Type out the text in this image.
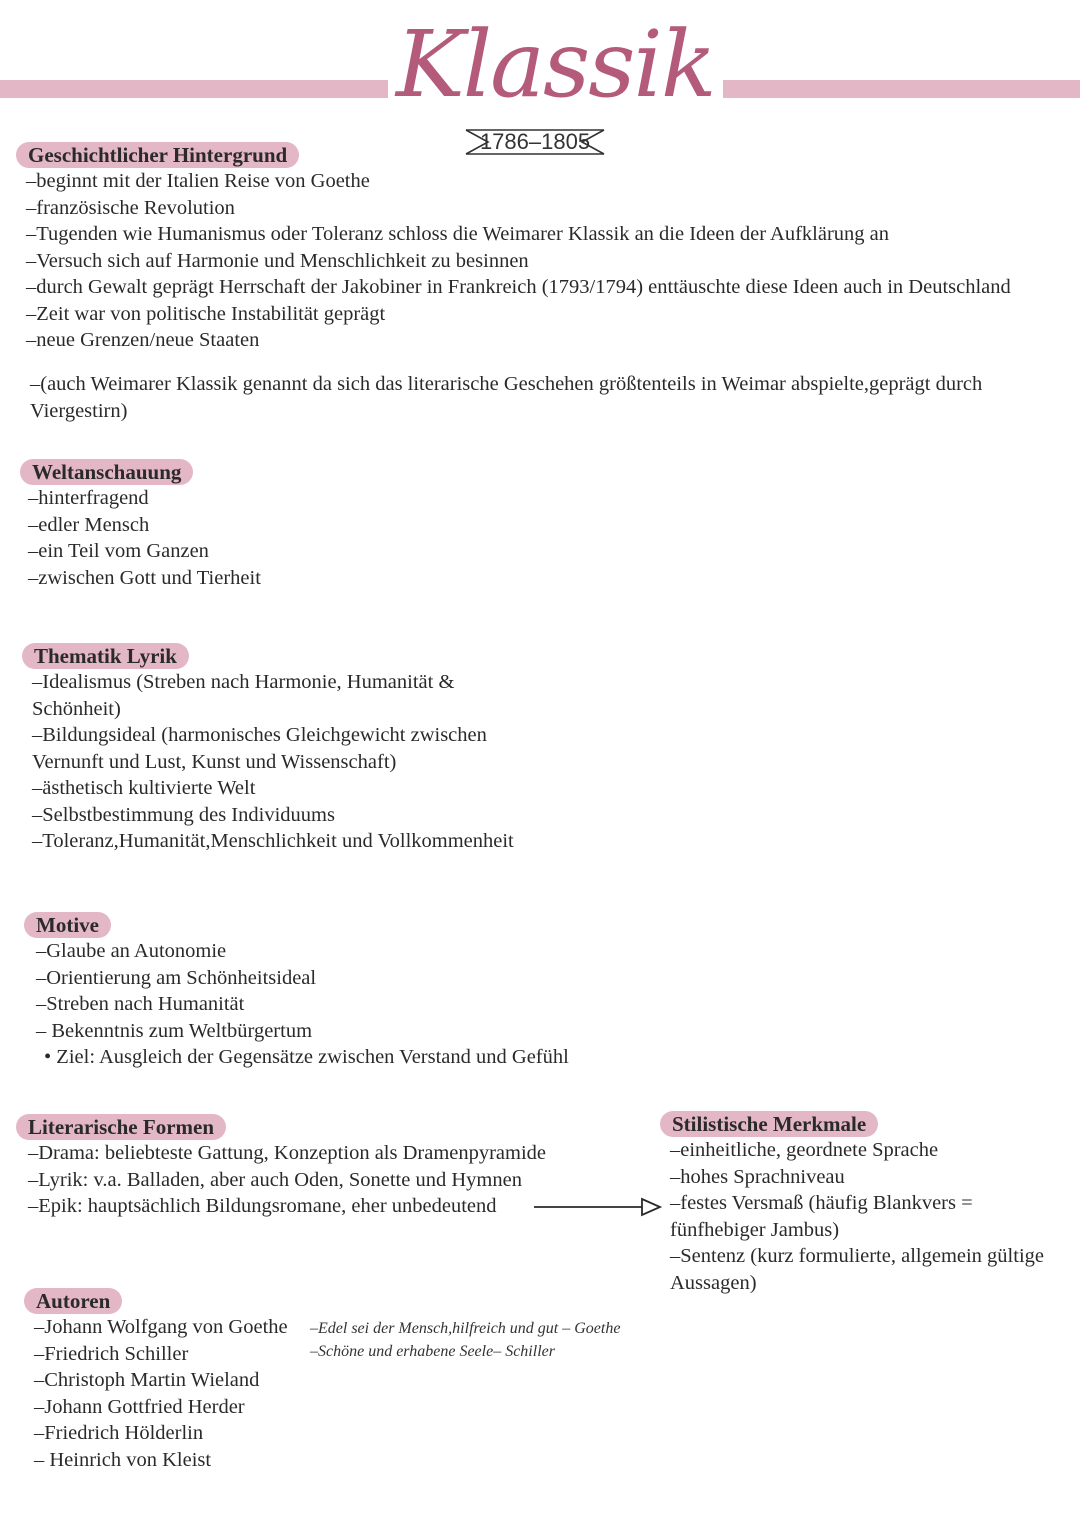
Klassik
1786–1805
Geschichtlicher Hintergrund
–beginnt mit der Italien Reise von Goethe
–französische Revolution
–Tugenden wie Humanismus oder Toleranz schloss die Weimarer Klassik an die Ideen der Aufklärung an
–Versuch sich auf Harmonie und Menschlichkeit zu besinnen
–durch Gewalt geprägt Herrschaft der Jakobiner in Frankreich (1793/1794) enttäuschte diese Ideen auch in Deutschland
–Zeit war von politische Instabilität geprägt
–neue Grenzen/neue Staaten
–(auch Weimarer Klassik genannt da sich das literarische Geschehen größtenteils in Weimar abspielte,geprägt durch Viergestirn)
Weltanschauung
–hinterfragend
–edler Mensch
–ein Teil vom Ganzen
–zwischen Gott und Tierheit
Thematik Lyrik
–Idealismus (Streben nach Harmonie, Humanität & Schönheit)
–Bildungsideal (harmonisches Gleichgewicht zwischen Vernunft und Lust, Kunst und Wissenschaft)
–ästhetisch kultivierte Welt
–Selbstbestimmung des Individuums
–Toleranz,Humanität,Menschlichkeit und Vollkommenheit
Motive
–Glaube an Autonomie
–Orientierung am Schönheitsideal
–Streben nach Humanität
– Bekenntnis zum Weltbürgertum
• Ziel: Ausgleich der Gegensätze zwischen Verstand und Gefühl
Literarische Formen
–Drama: beliebteste Gattung, Konzeption als Dramenpyramide
–Lyrik: v.a. Balladen, aber auch Oden, Sonette und Hymnen
–Epik: hauptsächlich Bildungsromane, eher unbedeutend
Stilistische Merkmale
–einheitliche, geordnete Sprache
–hohes Sprachniveau
–festes Versmaß (häufig Blankvers = fünfhebiger Jambus)
–Sentenz (kurz formulierte, allgemein gültige Aussagen)
Autoren
–Johann Wolfgang von Goethe
–Friedrich Schiller
–Christoph Martin Wieland
–Johann Gottfried Herder
–Friedrich Hölderlin
– Heinrich von Kleist
–Edel sei der Mensch,hilfreich und gut – Goethe
–Schöne und erhabene Seele– Schiller
